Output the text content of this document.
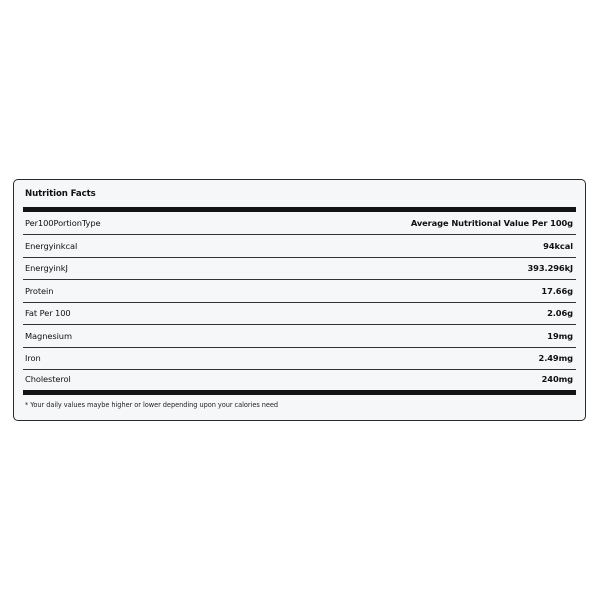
Nutrition Facts
Per100PortionType	Average Nutritional Value Per 100g
Energyinkcal	94kcal
EnergyinkJ	393.296kJ
Protein	17.66g
Fat Per 100	2.06g
Magnesium	19mg
Iron	2.49mg
Cholesterol	240mg
* Your daily values maybe higher or lower depending upon your calories need
